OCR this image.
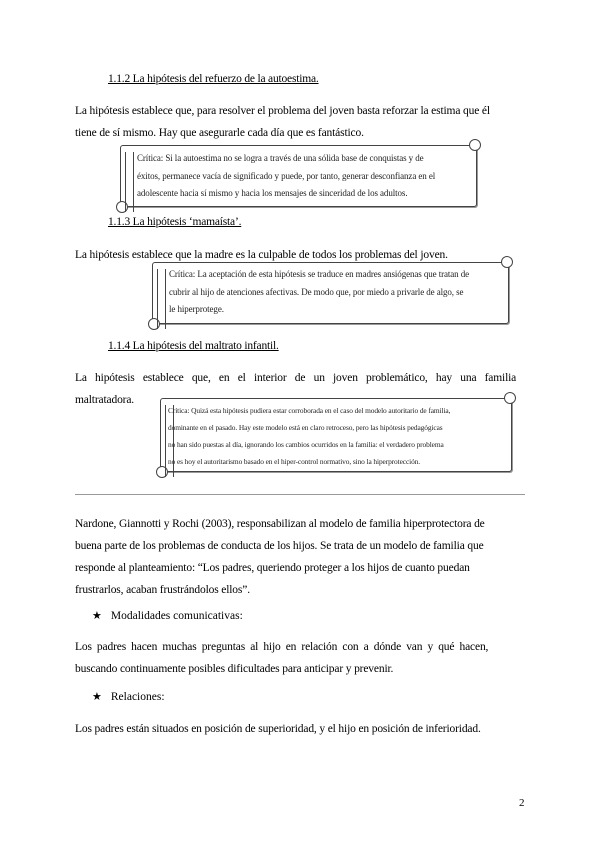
1.1.2 La hipótesis del refuerzo de la autoestima.
La hipótesis establece que, para resolver el problema del joven basta reforzar la estima que él
tiene de sí mismo. Hay que asegurarle cada día que es fantástico.
Crítica: Si la autoestima no se logra a través de una sólida base de conquistas y de
éxitos, permanece vacía de significado y puede, por tanto, generar desconfianza en el
adolescente hacia sí mismo y hacia los mensajes de sinceridad de los adultos.
1.1.3 La hipótesis ‘mamaísta’.
La hipótesis establece que la madre es la culpable de todos los problemas del joven.
Crítica: La aceptación de esta hipótesis se traduce en madres ansiógenas que tratan de
cubrir al hijo de atenciones afectivas. De modo que, por miedo a privarle de algo, se
le hiperprotege.
1.1.4 La hipótesis del maltrato infantil.
La hipótesis establece que, en el interior de un joven problemático, hay una familia
maltratadora.
Crítica: Quizá esta hipótesis pudiera estar corroborada en el caso del modelo autoritario de familia,
dominante en el pasado. Hay este modelo está en claro retroceso, pero las hipótesis pedagógicas
no han sido puestas al día, ignorando los cambios ocurridos en la familia: el verdadero problema
no es hoy el autoritarismo basado en el hiper-control normativo, sino la hiperprotección.
Nardone, Giannotti y Rochi (2003), responsabilizan al modelo de familia hiperprotectora de
buena parte de los problemas de conducta de los hijos. Se trata de un modelo de familia que
responde al planteamiento: “Los padres, queriendo proteger a los hijos de cuanto puedan
frustrarlos, acaban frustrándolos ellos”.
★ Modalidades comunicativas:
Los padres hacen muchas preguntas al hijo en relación con a dónde van y qué hacen,
buscando continuamente posibles dificultades para anticipar y prevenir.
★ Relaciones:
Los padres están situados en posición de superioridad, y el hijo en posición de inferioridad.
2
